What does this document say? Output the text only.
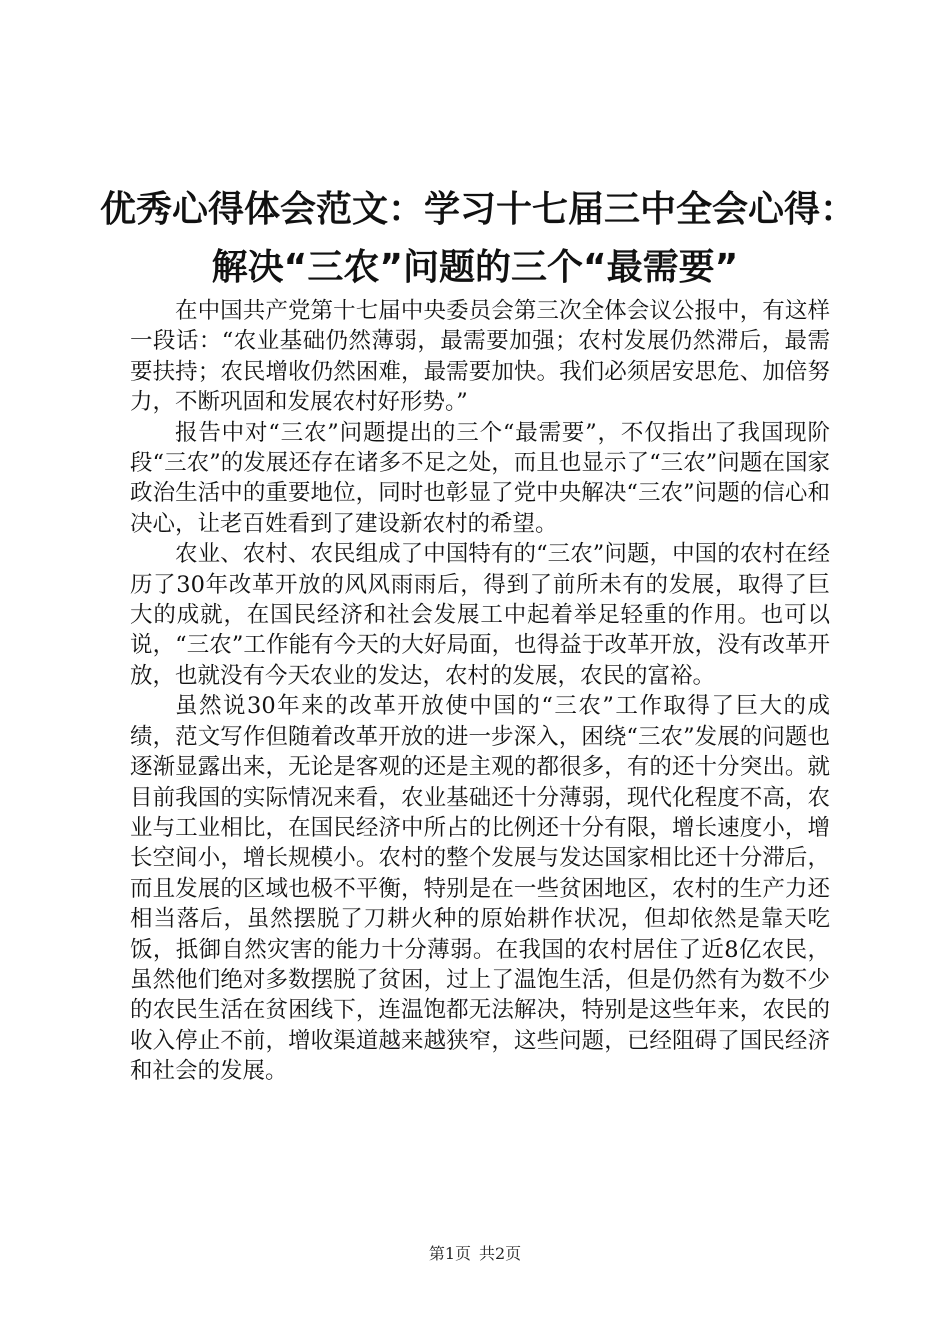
优秀心得体会范文：学习十七届三中全会心得：
解决“三农”问题的三个“最需要”

在中国共产党第十七届中央委员会第三次全体会议公报中，有这样一段话：“农业基础仍然薄弱，最需要加强；农村发展仍然滞后，最需要扶持；农民增收仍然困难，最需要加快。我们必须居安思危、加倍努力，不断巩固和发展农村好形势。”

报告中对“三农”问题提出的三个“最需要”，不仅指出了我国现阶段“三农”的发展还存在诸多不足之处，而且也显示了“三农”问题在国家政治生活中的重要地位，同时也彰显了党中央解决“三农”问题的信心和决心，让老百姓看到了建设新农村的希望。

农业、农村、农民组成了中国特有的“三农”问题，中国的农村在经历了30年改革开放的风风雨雨后，得到了前所未有的发展，取得了巨大的成就，在国民经济和社会发展工中起着举足轻重的作用。也可以说，“三农”工作能有今天的大好局面，也得益于改革开放，没有改革开放，也就没有今天农业的发达，农村的发展，农民的富裕。

虽然说30年来的改革开放使中国的“三农”工作取得了巨大的成绩，范文写作但随着改革开放的进一步深入，困绕“三农”发展的问题也逐渐显露出来，无论是客观的还是主观的都很多，有的还十分突出。就目前我国的实际情况来看，农业基础还十分薄弱，现代化程度不高，农业与工业相比，在国民经济中所占的比例还十分有限，增长速度小，增长空间小，增长规模小。农村的整个发展与发达国家相比还十分滞后，而且发展的区域也极不平衡，特别是在一些贫困地区，农村的生产力还相当落后，虽然摆脱了刀耕火种的原始耕作状况，但却依然是靠天吃饭，抵御自然灾害的能力十分薄弱。在我国的农村居住了近8亿农民，虽然他们绝对多数摆脱了贫困，过上了温饱生活，但是仍然有为数不少的农民生活在贫困线下，连温饱都无法解决，特别是这些年来，农民的收入停止不前，增收渠道越来越狭窄，这些问题，已经阻碍了国民经济和社会的发展。

第1页 共2页
